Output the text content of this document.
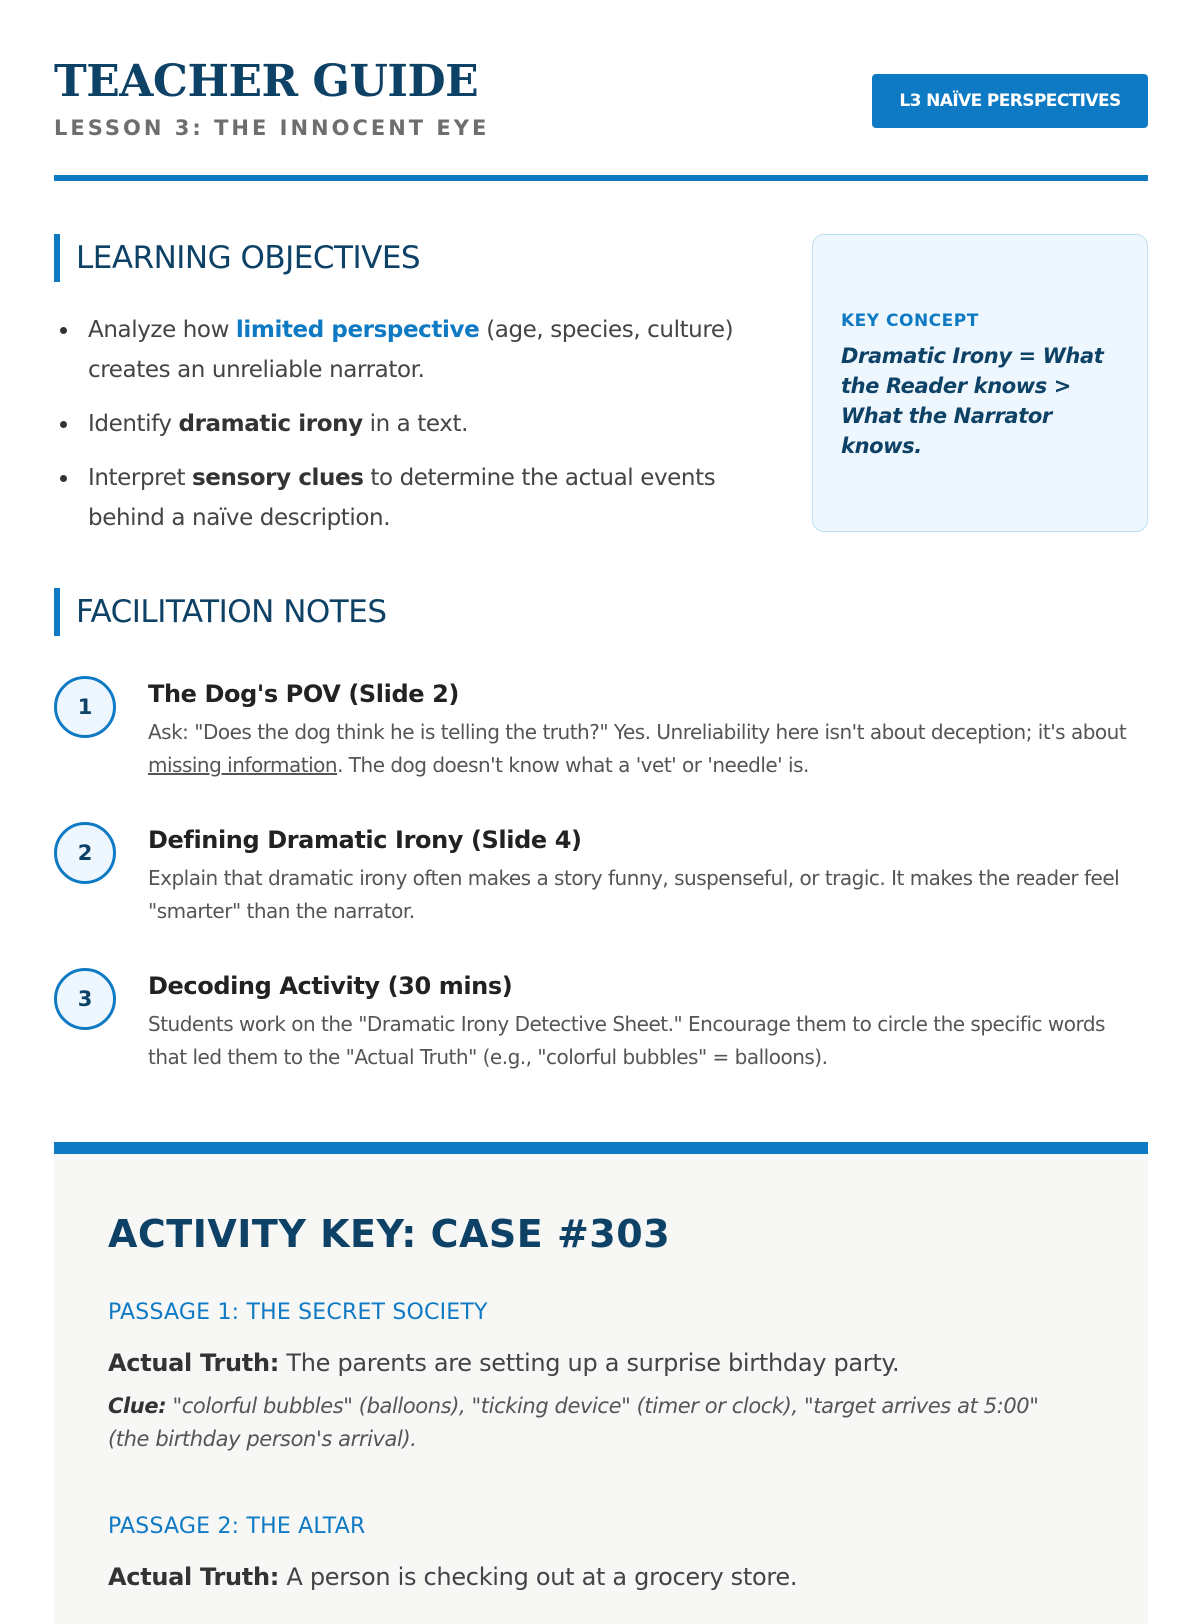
TEACHER GUIDE
LESSON 3: THE INNOCENT EYE
L3 NAÏVE PERSPECTIVES
LEARNING OBJECTIVES
Analyze how limited perspective (age, species, culture) creates an unreliable narrator.
Identify dramatic irony in a text.
Interpret sensory clues to determine the actual events behind a naïve description.
KEY CONCEPT
Dramatic Irony = What the Reader knows > What the Narrator knows.
FACILITATION NOTES
1	The Dog's POV (Slide 2)
Ask: "Does the dog think he is telling the truth?" Yes. Unreliability here isn't about deception; it's about missing information. The dog doesn't know what a 'vet' or 'needle' is.
2	Defining Dramatic Irony (Slide 4)
Explain that dramatic irony often makes a story funny, suspenseful, or tragic. It makes the reader feel "smarter" than the narrator.
3	Decoding Activity (30 mins)
Students work on the "Dramatic Irony Detective Sheet." Encourage them to circle the specific words that led them to the "Actual Truth" (e.g., "colorful bubbles" = balloons).
ACTIVITY KEY: CASE #303
PASSAGE 1: THE SECRET SOCIETY
Actual Truth: The parents are setting up a surprise birthday party.
Clue: "colorful bubbles" (balloons), "ticking device" (timer or clock), "target arrives at 5:00" (the birthday person's arrival).
PASSAGE 2: THE ALTAR
Actual Truth: A person is checking out at a grocery store.
